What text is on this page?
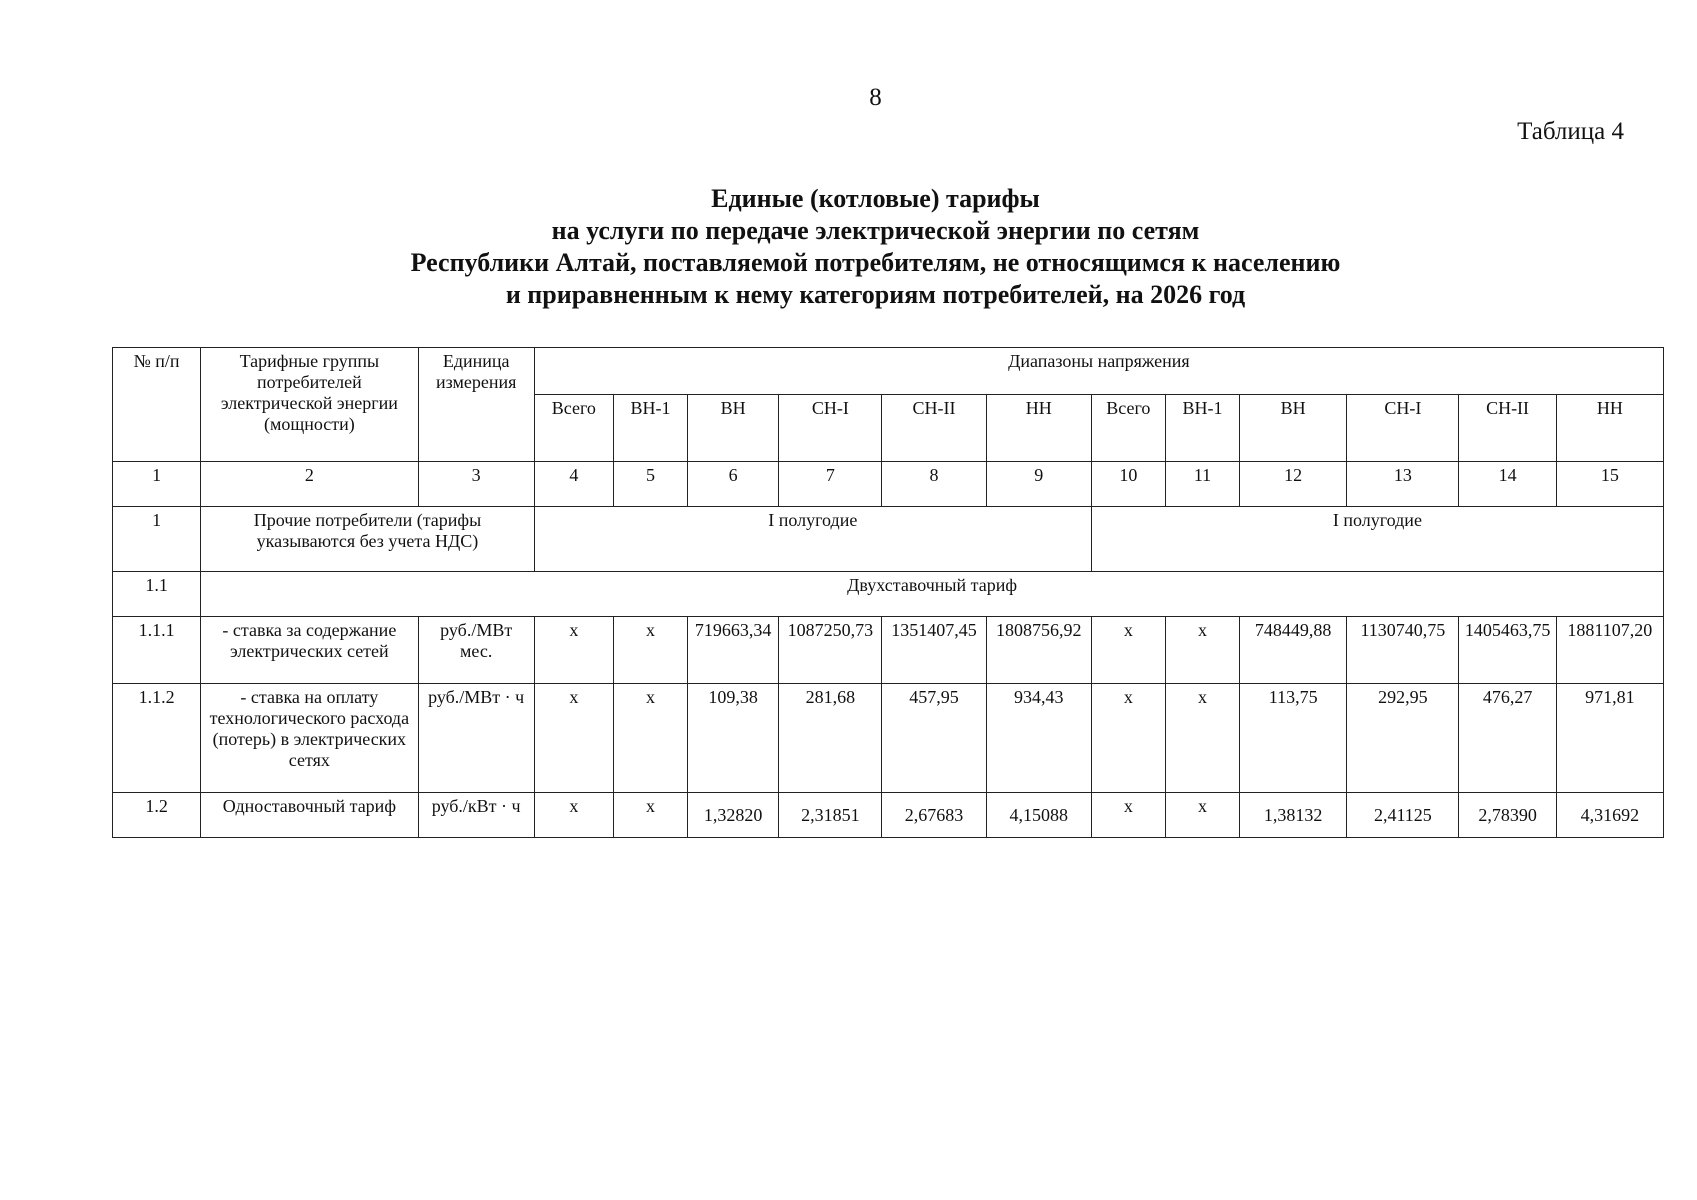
8
Таблица 4
Единые (котловые) тарифы
на услуги по передаче электрической энергии по сетям
Республики Алтай, поставляемой потребителям, не относящимся к населению
и приравненным к нему категориям потребителей, на 2026 год
№ п/п	Тарифные группы потребителей электрической энергии (мощности)	Единица измерения	Диапазоны напряжения											
			Всего	ВН-1	ВН	СН-I	СН-II	НН	Всего	ВН-1	ВН	СН-I	СН-II	НН
1	2	3	4	5	6	7	8	9	10	11	12	13	14	15
1	Прочие потребители (тарифы указываются без учета НДС)		I полугодие						I полугодие					
1.1	Двухставочный тариф													
1.1.1	- ставка за содержание электрических сетей	руб./МВт мес.	х	х	719663,34	1087250,73	1351407,45	1808756,92	х	х	748449,88	1130740,75	1405463,75	1881107,20
1.1.2	- ставка на оплату технологического расхода (потерь) в электрических сетях	руб./МВт · ч	х	х	109,38	281,68	457,95	934,43	х	х	113,75	292,95	476,27	971,81
1.2	Одноставочный тариф	руб./кВт · ч	х	х	1,32820	2,31851	2,67683	4,15088	х	х	1,38132	2,41125	2,78390	4,31692
